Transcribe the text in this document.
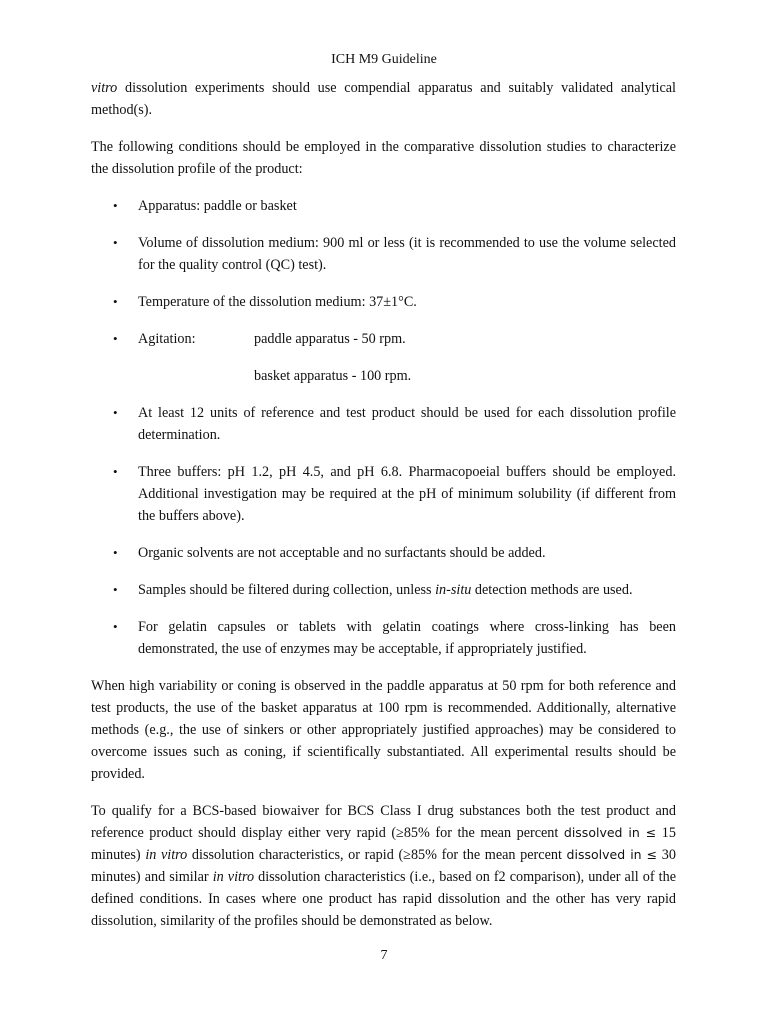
ICH M9 Guideline

vitro dissolution experiments should use compendial apparatus and suitably validated analytical method(s).

The following conditions should be employed in the comparative dissolution studies to characterize the dissolution profile of the product:

• Apparatus: paddle or basket
• Volume of dissolution medium: 900 ml or less (it is recommended to use the volume selected for the quality control (QC) test).
• Temperature of the dissolution medium: 37±1°C.
• Agitation:	paddle apparatus - 50 rpm.
basket apparatus - 100 rpm.
• At least 12 units of reference and test product should be used for each dissolution profile determination.
• Three buffers: pH 1.2, pH 4.5, and pH 6.8. Pharmacopoeial buffers should be employed. Additional investigation may be required at the pH of minimum solubility (if different from the buffers above).
• Organic solvents are not acceptable and no surfactants should be added.
• Samples should be filtered during collection, unless in-situ detection methods are used.
• For gelatin capsules or tablets with gelatin coatings where cross-linking has been demonstrated, the use of enzymes may be acceptable, if appropriately justified.

When high variability or coning is observed in the paddle apparatus at 50 rpm for both reference and test products, the use of the basket apparatus at 100 rpm is recommended. Additionally, alternative methods (e.g., the use of sinkers or other appropriately justified approaches) may be considered to overcome issues such as coning, if scientifically substantiated. All experimental results should be provided.

To qualify for a BCS-based biowaiver for BCS Class I drug substances both the test product and reference product should display either very rapid (≥85% for the mean percent dissolved in ≤ 15 minutes) in vitro dissolution characteristics, or rapid (≥85% for the mean percent dissolved in ≤ 30 minutes) and similar in vitro dissolution characteristics (i.e., based on f2 comparison), under all of the defined conditions. In cases where one product has rapid dissolution and the other has very rapid dissolution, similarity of the profiles should be demonstrated as below.

7
